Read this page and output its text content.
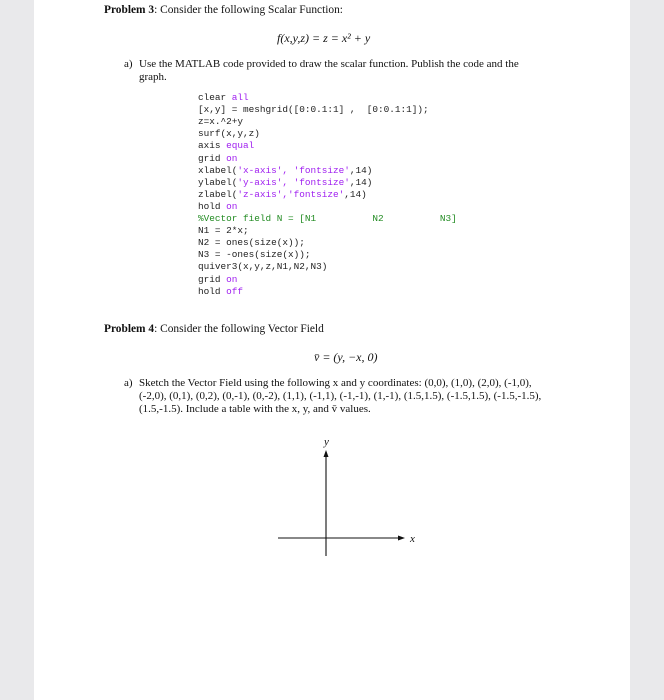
Problem 3: Consider the following Scalar Function:
f(x,y,z) = z = x² + y
a) Use the MATLAB code provided to draw the scalar function. Publish the code and the
graph.
clear all
[x,y] = meshgrid([0:0.1:1] ,  [0:0.1:1]);
z=x.^2+y
surf(x,y,z)
axis equal
grid on
xlabel('x-axis', 'fontsize',14)
ylabel('y-axis', 'fontsize',14)
zlabel('z-axis','fontsize',14)
hold on
%Vector field N = [N1          N2          N3]
N1 = 2*x;
N2 = ones(size(x));
N3 = -ones(size(x));
quiver3(x,y,z,N1,N2,N3)
grid on
hold off
Problem 4: Consider the following Vector Field
v̄ = (y, −x, 0)
a) Sketch the Vector Field using the following x and y coordinates: (0,0), (1,0), (2,0), (-1,0),
(-2,0), (0,1), (0,2), (0,-1), (0,-2), (1,1), (-1,1), (-1,-1), (1,-1), (1.5,1.5), (-1.5,1.5), (-1.5,-1.5),
(1.5,-1.5). Include a table with the x, y, and v̄ values.
y
x
